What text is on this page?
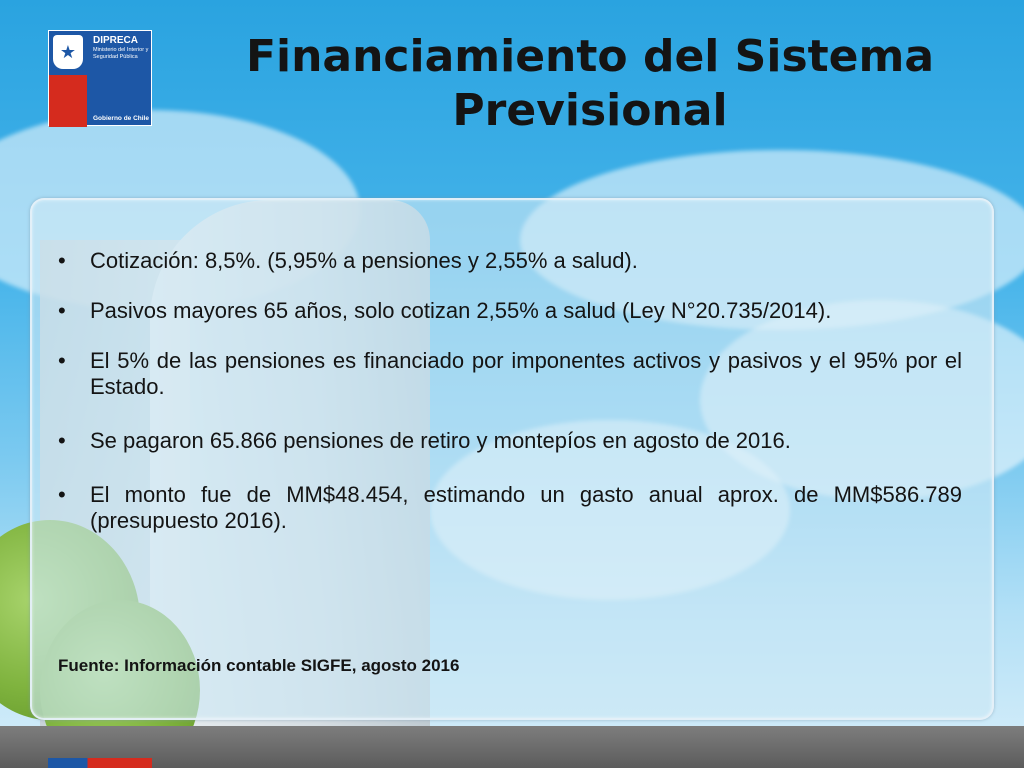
★
DIPRECA
Ministerio del Interior y Seguridad Pública
Gobierno de Chile
Financiamiento del Sistema Previsional
• Cotización: 8,5%. (5,95% a pensiones y 2,55% a salud).
• Pasivos mayores 65 años, solo cotizan 2,55% a salud (Ley N°20.735/2014).
• El 5% de las pensiones es financiado por imponentes activos y pasivos y el 95% por el Estado.
• Se pagaron 65.866 pensiones de retiro y montepíos en agosto de 2016.
• El monto fue de MM$48.454, estimando un gasto anual aprox. de MM$586.789 (presupuesto 2016).
Fuente: Información contable SIGFE, agosto 2016
